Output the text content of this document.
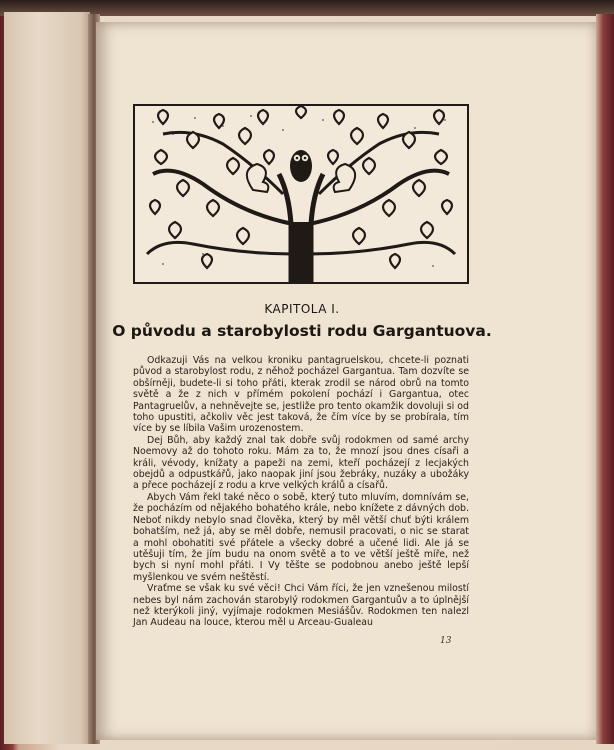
KAPITOLA I.
O původu a starobylosti rodu Gargantuova.

Odkazuji Vás na velkou kroniku pantagruelskou, chcete-li poznati původ a starobylost rodu, z něhož pocházel Gargantua. Tam dozvíte se obšírněji, budete-li si toho přáti, kterak zrodil se národ obrů na tomto světě a že z nich v přímém pokolení pochází i Gargantua, otec Pantagruelův, a nehněvejte se, jestliže pro tento okamžik dovoluji si od toho upustiti, ačkoliv věc jest taková, že čím více by se probírala, tím více by se líbila Vašim urozenostem.

Dej Bůh, aby každý znal tak dobře svůj rodokmen od samé archy Noemovy až do tohoto roku. Mám za to, že mnozí jsou dnes císaři a králi, vévody, knížaty a papeži na zemi, kteří pocházejí z lecjakých obejdů a odpustkářů, jako naopak jiní jsou žebráky, nuzáky a ubožáky a přece pocházejí z rodu a krve velkých králů a císařů.

Abych Vám řekl také něco o sobě, který tuto mluvím, domnívám se, že pocházím od nějakého bohatého krále, nebo knížete z dávných dob. Neboť nikdy nebylo snad člověka, který by měl větší chuť býti králem bohatším, než já, aby se měl dobře, nemusil pracovati, o nic se starat a mohl obohatiti své přátele a všecky dobré a učené lidi. Ale já se utěšuji tím, že jím budu na onom světě a to ve větší ještě míře, než bych si nyní mohl přáti. I Vy těšte se podobnou anebo ještě lepší myšlenkou ve svém neštěstí.

Vraťme se však ku své věci! Chci Vám říci, že jen vznešenou milostí nebes byl nám zachován starobylý rodokmen Gargantuův a to úplnější než kterýkoli jiný, vyjímaje rodokmen Mesiášův. Rodokmen ten nalezl Jan Audeau na louce, kterou měl u Arceau-Gualeau

13
